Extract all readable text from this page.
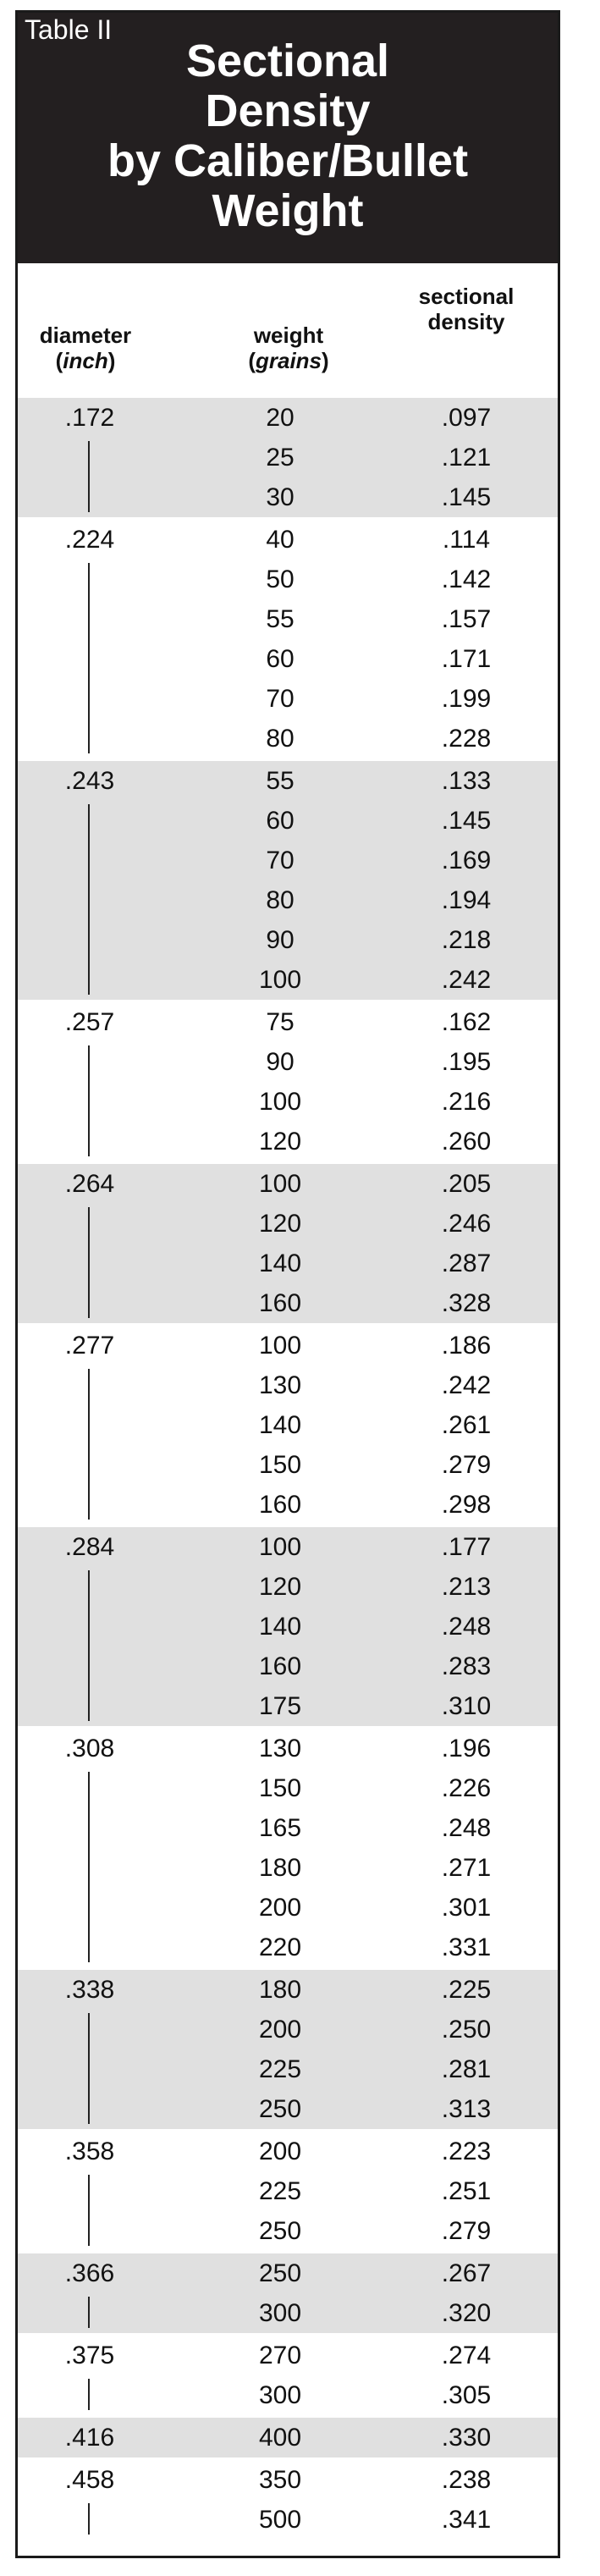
Table II
Sectional
Density
by Caliber/Bullet
Weight
diameter
(inch)
weight
(grains)
sectional
density
.172	20	.097
25	.121
30	.145
.224	40	.114
50	.142
55	.157
60	.171
70	.199
80	.228
.243	55	.133
60	.145
70	.169
80	.194
90	.218
100	.242
.257	75	.162
90	.195
100	.216
120	.260
.264	100	.205
120	.246
140	.287
160	.328
.277	100	.186
130	.242
140	.261
150	.279
160	.298
.284	100	.177
120	.213
140	.248
160	.283
175	.310
.308	130	.196
150	.226
165	.248
180	.271
200	.301
220	.331
.338	180	.225
200	.250
225	.281
250	.313
.358	200	.223
225	.251
250	.279
.366	250	.267
300	.320
.375	270	.274
300	.305
.416	400	.330
.458	350	.238
500	.341
